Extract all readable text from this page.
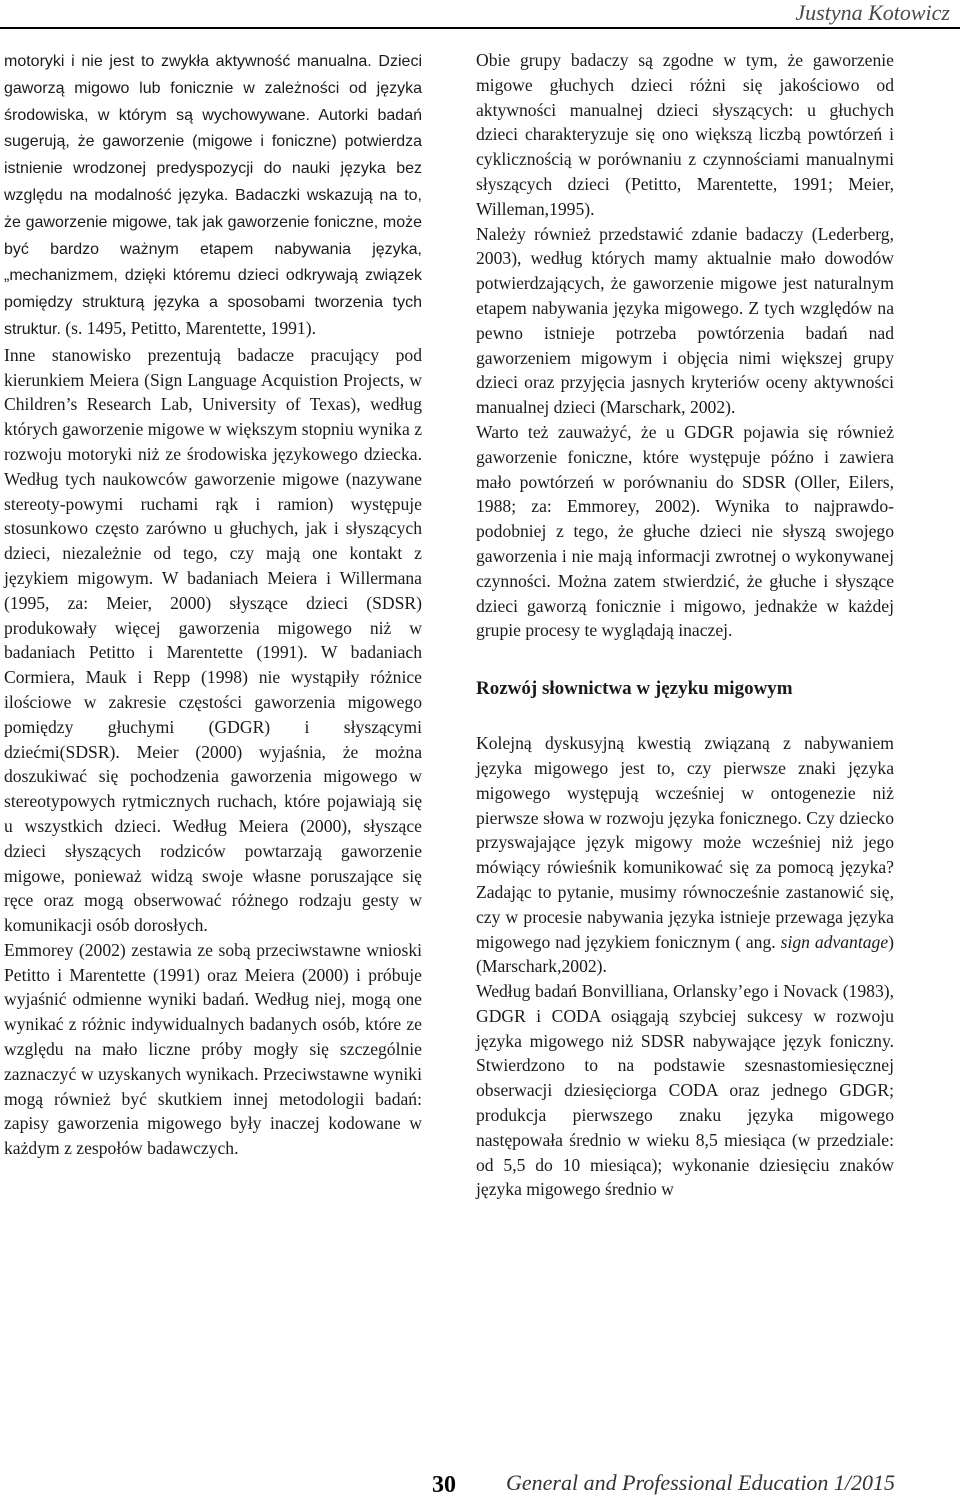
Justyna Kotowicz

motoryki i nie jest to zwykła aktywność manualna. Dzieci gaworzą migowo lub fonicznie w zależności od języka środowiska, w którym są wychowywane. Autorki badań sugerują, że gaworzenie (migowe i foniczne) potwierdza istnienie wrodzonej predyspozycji do nauki języka bez względu na modalność języka. Badaczki wskazują na to, że gaworzenie migowe, tak jak gaworzenie foniczne, może być bardzo ważnym etapem nabywania języka, „mechanizmem, dzięki któremu dzieci odkrywają związek pomiędzy strukturą języka a sposobami tworzenia tych struktur. (s. 1495, Petitto, Marentette, 1991).

Inne stanowisko prezentują badacze pracujący pod kierunkiem Meiera (Sign Language Acquistion Projects, w Children’s Research Lab, University of Texas), według których gaworzenie migowe w większym stopniu wynika z rozwoju motoryki niż ze środowiska językowego dziecka. Według tych naukowców gaworzenie migowe (nazywane stereoty-powymi ruchami rąk i ramion) występuje stosunkowo często zarówno u głuchych, jak i słyszących dzieci, niezależnie od tego, czy mają one kontakt z językiem migowym. W badaniach Meiera i Willermana (1995, za: Meier, 2000) słyszące dzieci (SDSR) produkowały więcej gaworzenia migowego niż w badaniach Petitto i Marentette (1991). W badaniach Cormiera, Mauk i Repp (1998) nie wystąpiły różnice ilościowe w zakresie częstości gaworzenia migowego pomiędzy głuchymi (GDGR) i słyszącymi dziećmi(SDSR). Meier (2000) wyjaśnia, że można doszukiwać się pochodzenia gaworzenia migowego w stereotypowych rytmicznych ruchach, które pojawiają się u wszystkich dzieci. Według Meiera (2000), słyszące dzieci słyszących rodziców powtarzają gaworzenie migowe, ponieważ widzą swoje własne poruszające się ręce oraz mogą obserwować różnego rodzaju gesty w komunikacji osób dorosłych.

Emmorey (2002) zestawia ze sobą przeciwstawne wnioski Petitto i Marentette (1991) oraz Meiera (2000) i próbuje wyjaśnić odmienne wyniki badań. Według niej, mogą one wynikać z różnic indywidualnych badanych osób, które ze względu na mało liczne próby mogły się szczególnie zaznaczyć w uzyskanych wynikach. Przeciwstawne wyniki mogą również być skutkiem innej metodologii badań: zapisy gaworzenia migowego były inaczej kodowane w każdym z zespołów badawczych.

Obie grupy badaczy są zgodne w tym, że gaworzenie migowe głuchych dzieci różni się jakościowo od aktywności manualnej dzieci słyszących: u głuchych dzieci charakteryzuje się ono większą liczbą powtórzeń i cyklicznością w porównaniu z czynnościami manualnymi słyszących dzieci (Petitto, Marentette, 1991; Meier, Willeman,1995).

Należy również przedstawić zdanie badaczy (Lederberg, 2003), według których mamy aktualnie mało dowodów potwierdzających, że gaworzenie migowe jest naturalnym etapem nabywania języka migowego. Z tych względów na pewno istnieje potrzeba powtórzenia badań nad gaworzeniem migowym i objęcia nimi większej grupy dzieci oraz przyjęcia jasnych kryteriów oceny aktywności manualnej dzieci (Marschark, 2002).

Warto też zauważyć, że u GDGR pojawia się również gaworzenie foniczne, które występuje późno i zawiera mało powtórzeń w porównaniu do SDSR (Oller, Eilers, 1988; za: Emmorey, 2002). Wynika to najprawdo-podobniej z tego, że głuche dzieci nie słyszą swojego gaworzenia i nie mają informacji zwrotnej o wykonywanej czynności. Można zatem stwierdzić, że głuche i słyszące dzieci gaworzą fonicznie i migowo, jednakże w każdej grupie procesy te wyglądają inaczej.

Rozwój słownictwa w języku migowym

Kolejną dyskusyjną kwestią związaną z nabywaniem języka migowego jest to, czy pierwsze znaki języka migowego występują wcześniej w ontogenezie niż pierwsze słowa w rozwoju języka fonicznego. Czy dziecko przyswajające język migowy może wcześniej niż jego mówiący rówieśnik komunikować się za pomocą języka? Zadając to pytanie, musimy równocześnie zastanowić się, czy w procesie nabywania języka istnieje przewaga języka migowego nad językiem fonicznym ( ang. sign advantage) (Marschark,2002).

Według badań Bonvilliana, Orlansky’ego i Novack (1983), GDGR i CODA osiągają szybciej sukcesy w rozwoju języka migowego niż SDSR nabywające język foniczny. Stwierdzono to na podstawie szesnastomiesięcznej obserwacji dziesięciorga CODA oraz jednego GDGR; produkcja pierwszego znaku języka migowego następowała średnio w wieku 8,5 miesiąca (w przedziale: od 5,5 do 10 miesiąca); wykonanie dziesięciu znaków języka migowego średnio w

30 General and Professional Education 1/2015
